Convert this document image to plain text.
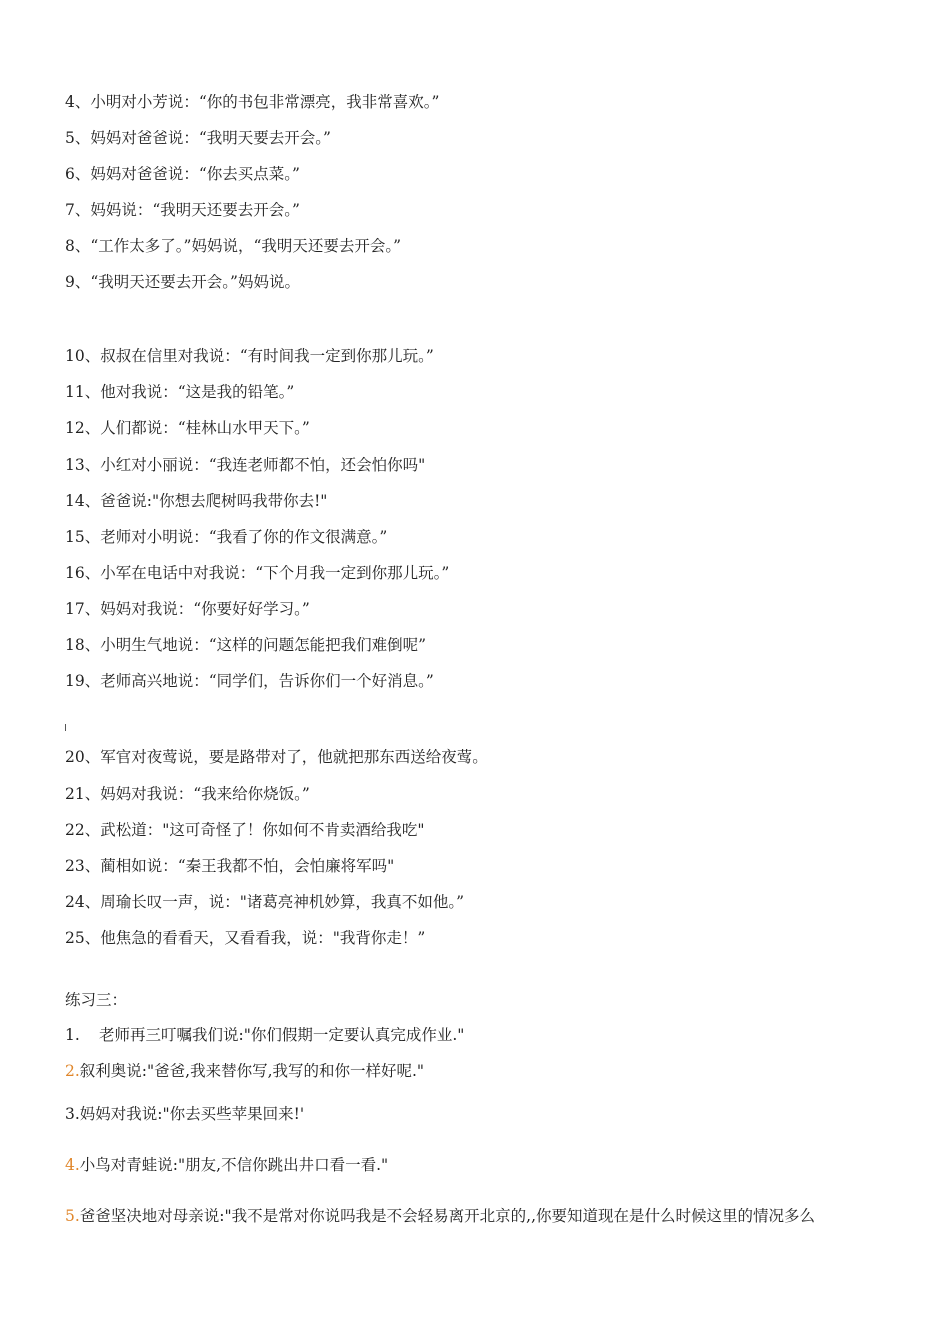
4、小明对小芳说：“你的书包非常漂亮，我非常喜欢。”
5、妈妈对爸爸说：“我明天要去开会。”
6、妈妈对爸爸说：“你去买点菜。”
7、妈妈说：“我明天还要去开会。”
8、“工作太多了。”妈妈说，“我明天还要去开会。”
9、“我明天还要去开会。”妈妈说。
10、叔叔在信里对我说：“有时间我一定到你那儿玩。”
11、他对我说：“这是我的铅笔。”
12、人们都说：“桂林山水甲天下。”
13、小红对小丽说：“我连老师都不怕，还会怕你吗"
14、爸爸说:"你想去爬树吗我带你去!"
15、老师对小明说：“我看了你的作文很满意。”
16、小军在电话中对我说：“下个月我一定到你那儿玩。”
17、妈妈对我说：“你要好好学习。”
18、小明生气地说：“这样的问题怎能把我们难倒呢”
19、老师高兴地说：“同学们，告诉你们一个好消息。”
20、军官对夜莺说，要是路带对了，他就把那东西送给夜莺。
21、妈妈对我说：“我来给你烧饭。”
22、武松道："这可奇怪了！你如何不肯卖酒给我吃"
23、蔺相如说：“秦王我都不怕，会怕廉将军吗"
24、周瑜长叹一声，说："诸葛亮神机妙算，我真不如他。”
25、他焦急的看看天，又看看我，说："我背你走！”
练习三：
1. 老师再三叮嘱我们说:"你们假期一定要认真完成作业."
2.叙利奥说:"爸爸,我来替你写,我写的和你一样好呢."
3.妈妈对我说:"你去买些苹果回来!'
4.小鸟对青蛙说:"朋友,不信你跳出井口看一看."
5.爸爸坚决地对母亲说:"我不是常对你说吗我是不会轻易离开北京的,,你要知道现在是什么时候这里的情况多么
